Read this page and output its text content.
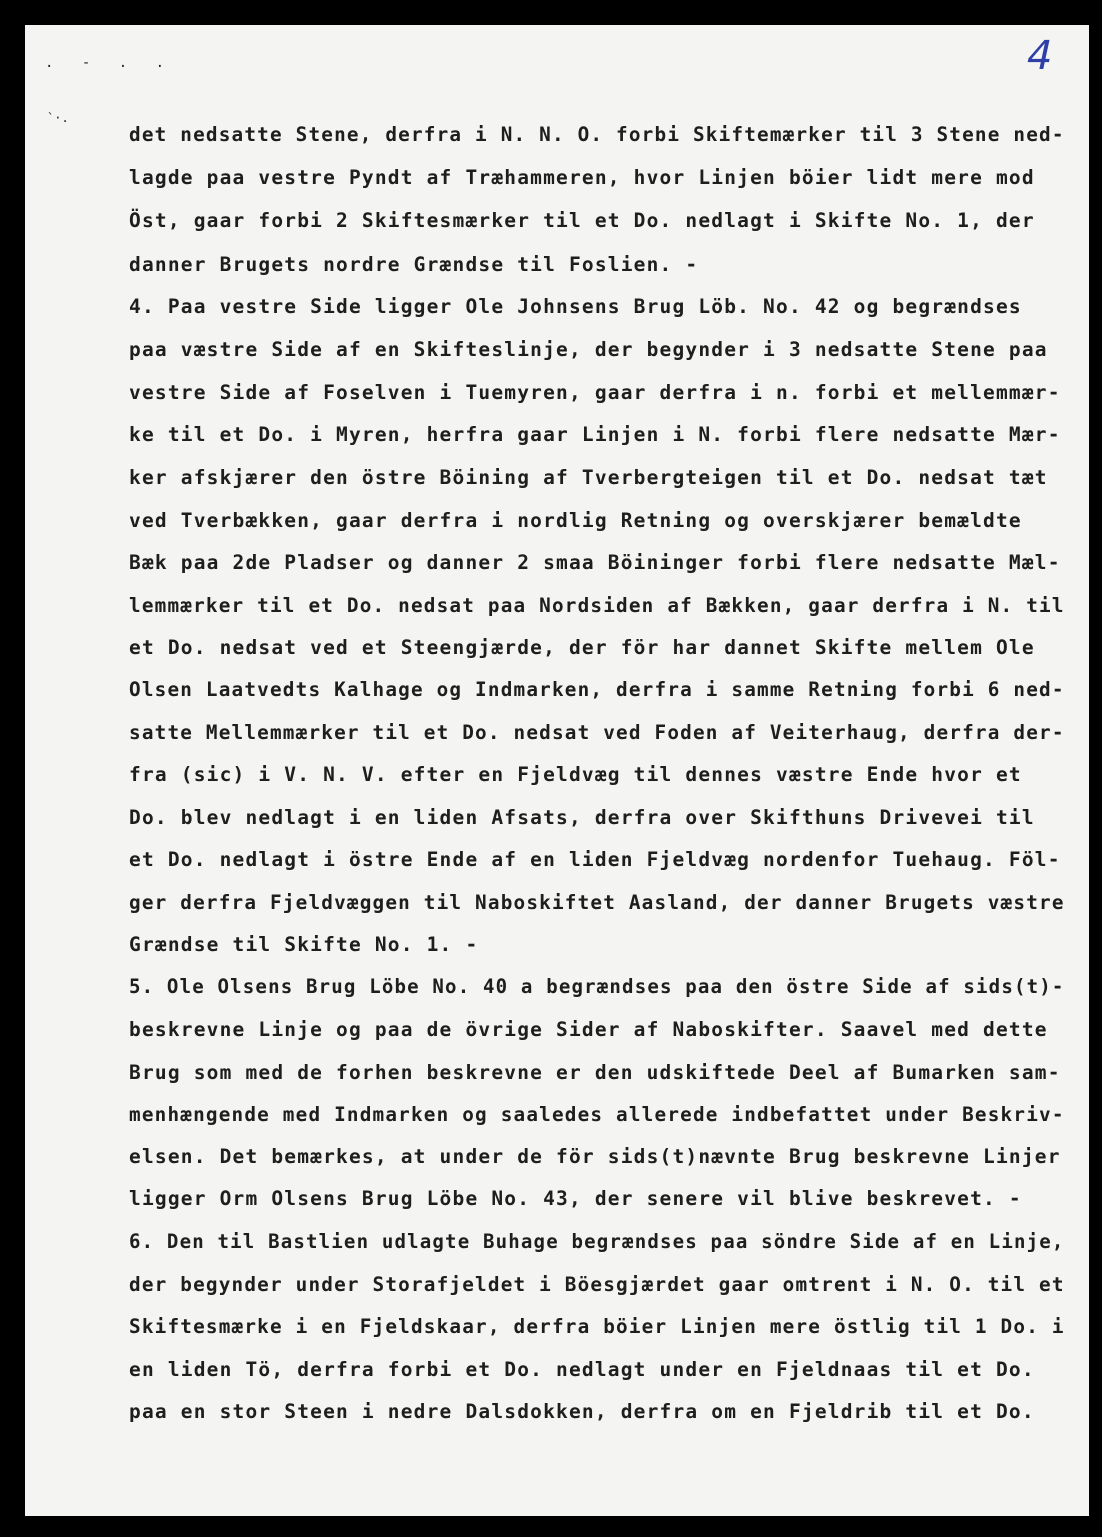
. - . .
`·.
4
det nedsatte Stene, derfra i N. N. O. forbi Skiftemærker til 3 Stene ned-
lagde paa vestre Pyndt af Træhammeren, hvor Linjen böier lidt mere mod
Öst, gaar forbi 2 Skiftesmærker til et Do. nedlagt i Skifte No. 1, der
danner Brugets nordre Grændse til Foslien. -
4. Paa vestre Side ligger Ole Johnsens Brug Löb. No. 42 og begrændses
paa væstre Side af en Skifteslinje, der begynder i 3 nedsatte Stene paa
vestre Side af Foselven i Tuemyren, gaar derfra i n. forbi et mellemmær-
ke til et Do. i Myren, herfra gaar Linjen i N. forbi flere nedsatte Mær-
ker afskjærer den östre Böining af Tverbergteigen til et Do. nedsat tæt
ved Tverbækken, gaar derfra i nordlig Retning og overskjærer bemældte
Bæk paa 2de Pladser og danner 2 smaa Böininger forbi flere nedsatte Mæl-
lemmærker til et Do. nedsat paa Nordsiden af Bækken, gaar derfra i N. til
et Do. nedsat ved et Steengjærde, der för har dannet Skifte mellem Ole
Olsen Laatvedts Kalhage og Indmarken, derfra i samme Retning forbi 6 ned-
satte Mellemmærker til et Do. nedsat ved Foden af Veiterhaug, derfra der-
fra (sic) i V. N. V. efter en Fjeldvæg til dennes væstre Ende hvor et
Do. blev nedlagt i en liden Afsats, derfra over Skifthuns Drivevei til
et Do. nedlagt i östre Ende af en liden Fjeldvæg nordenfor Tuehaug. Föl-
ger derfra Fjeldvæggen til Naboskiftet Aasland, der danner Brugets væstre
Grændse til Skifte No. 1. -
5. Ole Olsens Brug Löbe No. 40 a begrændses paa den östre Side af sids(t)-
beskrevne Linje og paa de övrige Sider af Naboskifter. Saavel med dette
Brug som med de forhen beskrevne er den udskiftede Deel af Bumarken sam-
menhængende med Indmarken og saaledes allerede indbefattet under Beskriv-
elsen. Det bemærkes, at under de för sids(t)nævnte Brug beskrevne Linjer
ligger Orm Olsens Brug Löbe No. 43, der senere vil blive beskrevet. -
6. Den til Bastlien udlagte Buhage begrændses paa söndre Side af en Linje,
der begynder under Storafjeldet i Böesgjærdet gaar omtrent i N. O. til et
Skiftesmærke i en Fjeldskaar, derfra böier Linjen mere östlig til 1 Do. i
en liden Tö, derfra forbi et Do. nedlagt under en Fjeldnaas til et Do.
paa en stor Steen i nedre Dalsdokken, derfra om en Fjeldrib til et Do.
